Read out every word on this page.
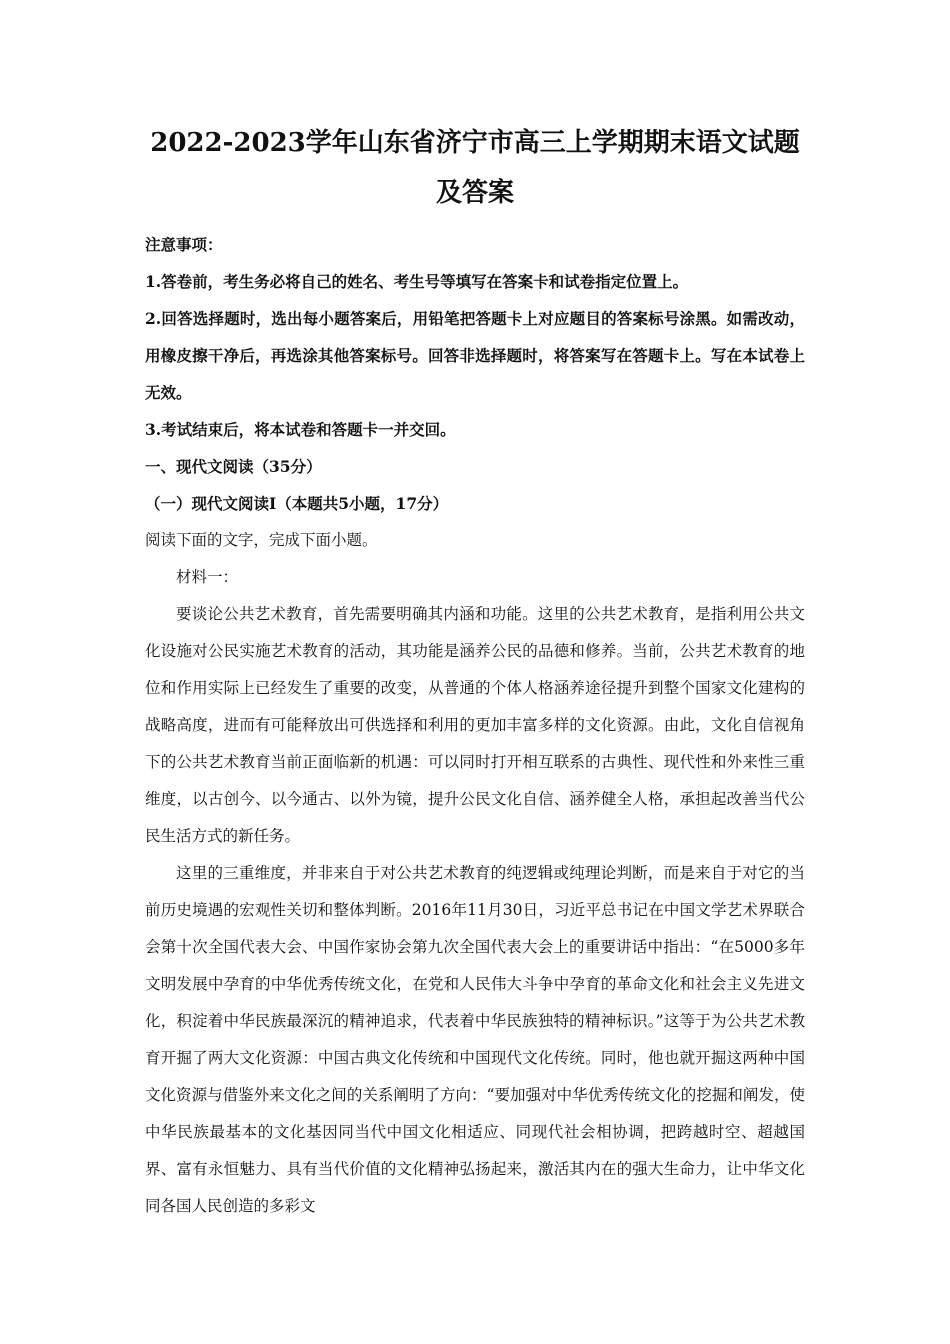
2022-2023学年山东省济宁市高三上学期期末语文试题及答案

注意事项：

1.答卷前，考生务必将自己的姓名、考生号等填写在答案卡和试卷指定位置上。

2.回答选择题时，选出每小题答案后，用铅笔把答题卡上对应题目的答案标号涂黑。如需改动，用橡皮擦干净后，再选涂其他答案标号。回答非选择题时，将答案写在答题卡上。写在本试卷上无效。

3.考试结束后，将本试卷和答题卡一并交回。

一、现代文阅读（35分）

（一）现代文阅读Ⅰ（本题共5小题，17分）

阅读下面的文字，完成下面小题。

材料一：

要谈论公共艺术教育，首先需要明确其内涵和功能。这里的公共艺术教育，是指利用公共文化设施对公民实施艺术教育的活动，其功能是涵养公民的品德和修养。当前，公共艺术教育的地位和作用实际上已经发生了重要的改变，从普通的个体人格涵养途径提升到整个国家文化建构的战略高度，进而有可能释放出可供选择和利用的更加丰富多样的文化资源。由此，文化自信视角下的公共艺术教育当前正面临新的机遇：可以同时打开相互联系的古典性、现代性和外来性三重维度，以古创今、以今通古、以外为镜，提升公民文化自信、涵养健全人格，承担起改善当代公民生活方式的新任务。

这里的三重维度，并非来自于对公共艺术教育的纯逻辑或纯理论判断，而是来自于对它的当前历史境遇的宏观性关切和整体判断。2016年11月30日，习近平总书记在中国文学艺术界联合会第十次全国代表大会、中国作家协会第九次全国代表大会上的重要讲话中指出：“在5000多年文明发展中孕育的中华优秀传统文化，在党和人民伟大斗争中孕育的革命文化和社会主义先进文化，积淀着中华民族最深沉的精神追求，代表着中华民族独特的精神标识。”这等于为公共艺术教育开掘了两大文化资源：中国古典文化传统和中国现代文化传统。同时，他也就开掘这两种中国文化资源与借鉴外来文化之间的关系阐明了方向：“要加强对中华优秀传统文化的挖掘和阐发，使中华民族最基本的文化基因同当代中国文化相适应、同现代社会相协调，把跨越时空、超越国界、富有永恒魅力、具有当代价值的文化精神弘扬起来，激活其内在的强大生命力，让中华文化同各国人民创造的多彩文
